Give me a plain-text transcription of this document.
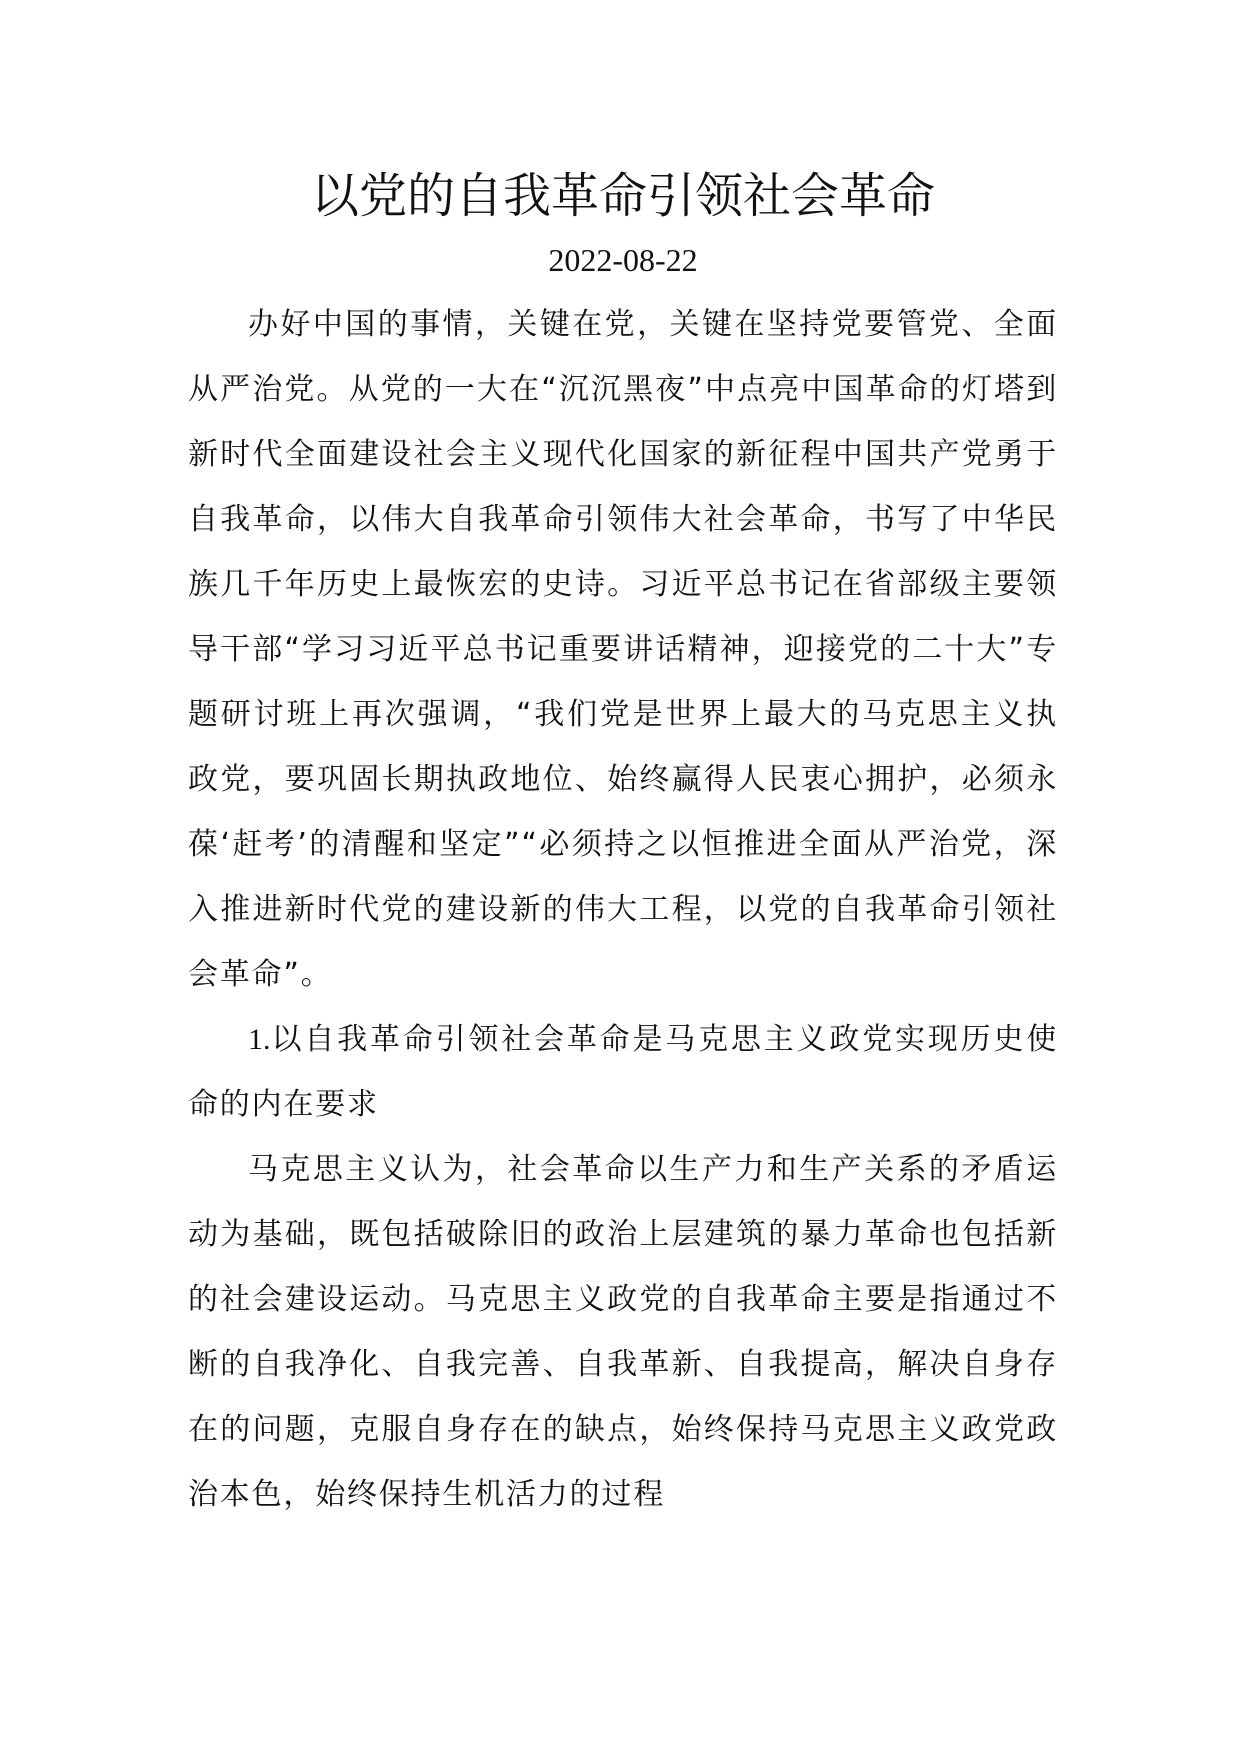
以党的自我革命引领社会革命

2022-08-22

办好中国的事情，关键在党，关键在坚持党要管党、全面从严治党。从党的一大在“沉沉黑夜”中点亮中国革命的灯塔到新时代全面建设社会主义现代化国家的新征程中国共产党勇于自我革命，以伟大自我革命引领伟大社会革命，书写了中华民族几千年历史上最恢宏的史诗。习近平总书记在省部级主要领导干部“学习习近平总书记重要讲话精神，迎接党的二十大”专题研讨班上再次强调，“我们党是世界上最大的马克思主义执政党，要巩固长期执政地位、始终赢得人民衷心拥护，必须永葆‘赶考’的清醒和坚定”“必须持之以恒推进全面从严治党，深入推进新时代党的建设新的伟大工程，以党的自我革命引领社会革命”。

1.以自我革命引领社会革命是马克思主义政党实现历史使命的内在要求

马克思主义认为，社会革命以生产力和生产关系的矛盾运动为基础，既包括破除旧的政治上层建筑的暴力革命也包括新的社会建设运动。马克思主义政党的自我革命主要是指通过不断的自我净化、自我完善、自我革新、自我提高，解决自身存在的问题，克服自身存在的缺点，始终保持马克思主义政党政治本色，始终保持生机活力的过程
